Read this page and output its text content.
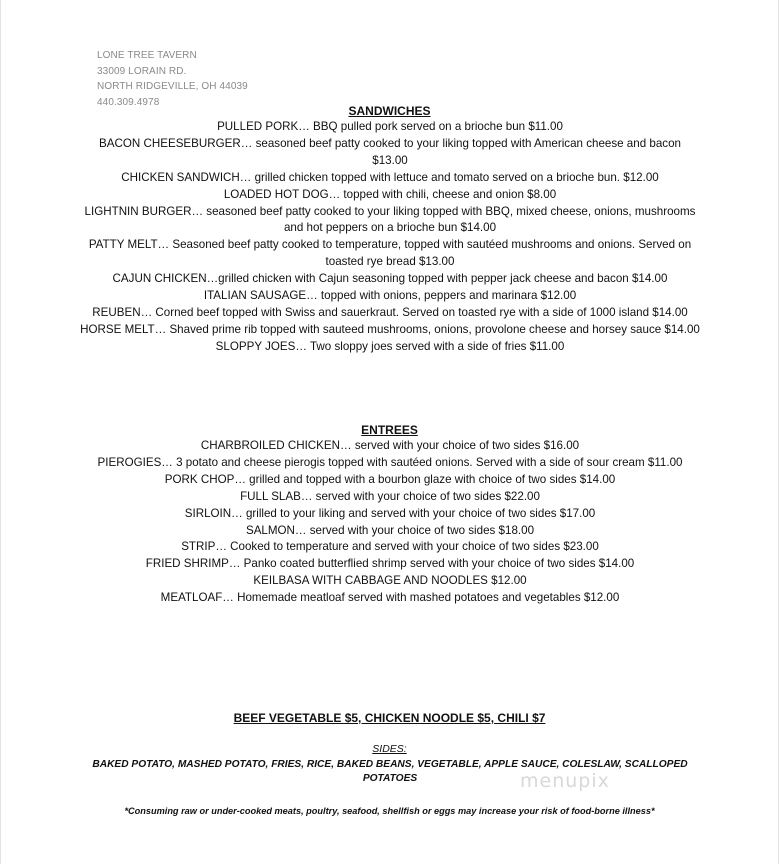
LONE TREE TAVERN
33009 LORAIN RD.
NORTH RIDGEVILLE, OH 44039
440.309.4978
SANDWICHES
PULLED PORK… BBQ pulled pork served on a brioche bun $11.00
BACON CHEESEBURGER… seasoned beef patty cooked to your liking topped with American cheese and bacon $13.00
CHICKEN SANDWICH… grilled chicken topped with lettuce and tomato served on a brioche bun. $12.00
LOADED HOT DOG… topped with chili, cheese and onion $8.00
LIGHTNIN BURGER… seasoned beef patty cooked to your liking topped with BBQ, mixed cheese, onions, mushrooms and hot peppers on a brioche bun $14.00
PATTY MELT… Seasoned beef patty cooked to temperature, topped with sautéed mushrooms and onions. Served on toasted rye bread $13.00
CAJUN CHICKEN…grilled chicken with Cajun seasoning topped with pepper jack cheese and bacon $14.00
ITALIAN SAUSAGE… topped with onions, peppers and marinara $12.00
REUBEN… Corned beef topped with Swiss and sauerkraut. Served on toasted rye with a side of 1000 island $14.00
HORSE MELT… Shaved prime rib topped with sauteed mushrooms, onions, provolone cheese and horsey sauce $14.00
SLOPPY JOES… Two sloppy joes served with a side of fries $11.00
ENTREES
CHARBROILED CHICKEN… served with your choice of two sides $16.00
PIEROGIES… 3 potato and cheese pierogis topped with sautéed onions. Served with a side of sour cream $11.00
PORK CHOP… grilled and topped with a bourbon glaze with choice of two sides $14.00
FULL SLAB… served with your choice of two sides $22.00
SIRLOIN… grilled to your liking and served with your choice of two sides $17.00
SALMON… served with your choice of two sides $18.00
STRIP… Cooked to temperature and served with your choice of two sides $23.00
FRIED SHRIMP… Panko coated butterflied shrimp served with your choice of two sides $14.00
KEILBASA WITH CABBAGE AND NOODLES $12.00
MEATLOAF… Homemade meatloaf served with mashed potatoes and vegetables $12.00
BEEF VEGETABLE $5, CHICKEN NOODLE $5, CHILI $7
SIDES:
BAKED POTATO, MASHED POTATO, FRIES, RICE, BAKED BEANS, VEGETABLE, APPLE SAUCE, COLESLAW, SCALLOPED POTATOES	menupix
*Consuming raw or under-cooked meats, poultry, seafood, shellfish or eggs may increase your risk of food-borne illness*
